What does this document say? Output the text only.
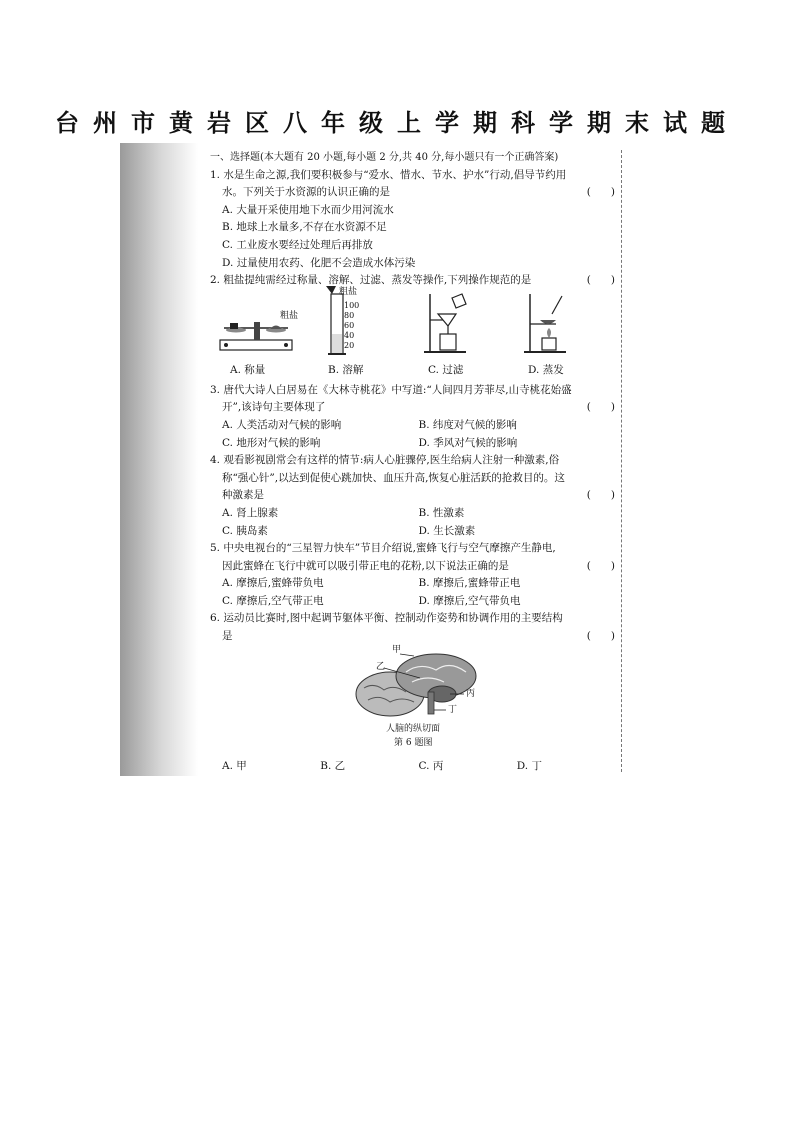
台州市黄岩区八年级上学期科学期末试题

一、选择题(本大题有 20 小题,每小题 2 分,共 40 分,每小题只有一个正确答案)

1. 水是生命之源,我们要积极参与“爱水、惜水、节水、护水”行动,倡导节约用

水。下列关于水资源的认识正确的是	(      )

A. 大量开采使用地下水而少用河流水

B. 地球上水量多,不存在水资源不足

C. 工业废水要经过处理后再排放

D. 过量使用农药、化肥不会造成水体污染

2. 粗盐提纯需经过称量、溶解、过滤、蒸发等操作,下列操作规范的是	(      )
粗盐
粗盐
100
80
60
40
20
A. 称量	B. 溶解	C. 过滤	D. 蒸发

3. 唐代大诗人白居易在《大林寺桃花》中写道:“人间四月芳菲尽,山寺桃花始盛

开”,该诗句主要体现了	(      )
A. 人类活动对气候的影响	B. 纬度对气候的影响
C. 地形对气候的影响	D. 季风对气候的影响

4. 观看影视剧常会有这样的情节:病人心脏骤停,医生给病人注射一种激素,俗

称“强心针”,以达到促使心跳加快、血压升高,恢复心脏活跃的抢救目的。这

种激素是	(      )
A. 肾上腺素	B. 性激素
C. 胰岛素	D. 生长激素

5. 中央电视台的“三星智力快车”节目介绍说,蜜蜂飞行与空气摩擦产生静电,

因此蜜蜂在飞行中就可以吸引带正电的花粉,以下说法正确的是	(      )
A. 摩擦后,蜜蜂带负电	B. 摩擦后,蜜蜂带正电
C. 摩擦后,空气带正电	D. 摩擦后,空气带负电

6. 运动员比赛时,图中起调节躯体平衡、控制动作姿势和协调作用的主要结构

是	(      )
甲
乙
丙
丁
人脑的纵切面
第 6 题图
A. 甲	B. 乙	C. 丙	D. 丁
